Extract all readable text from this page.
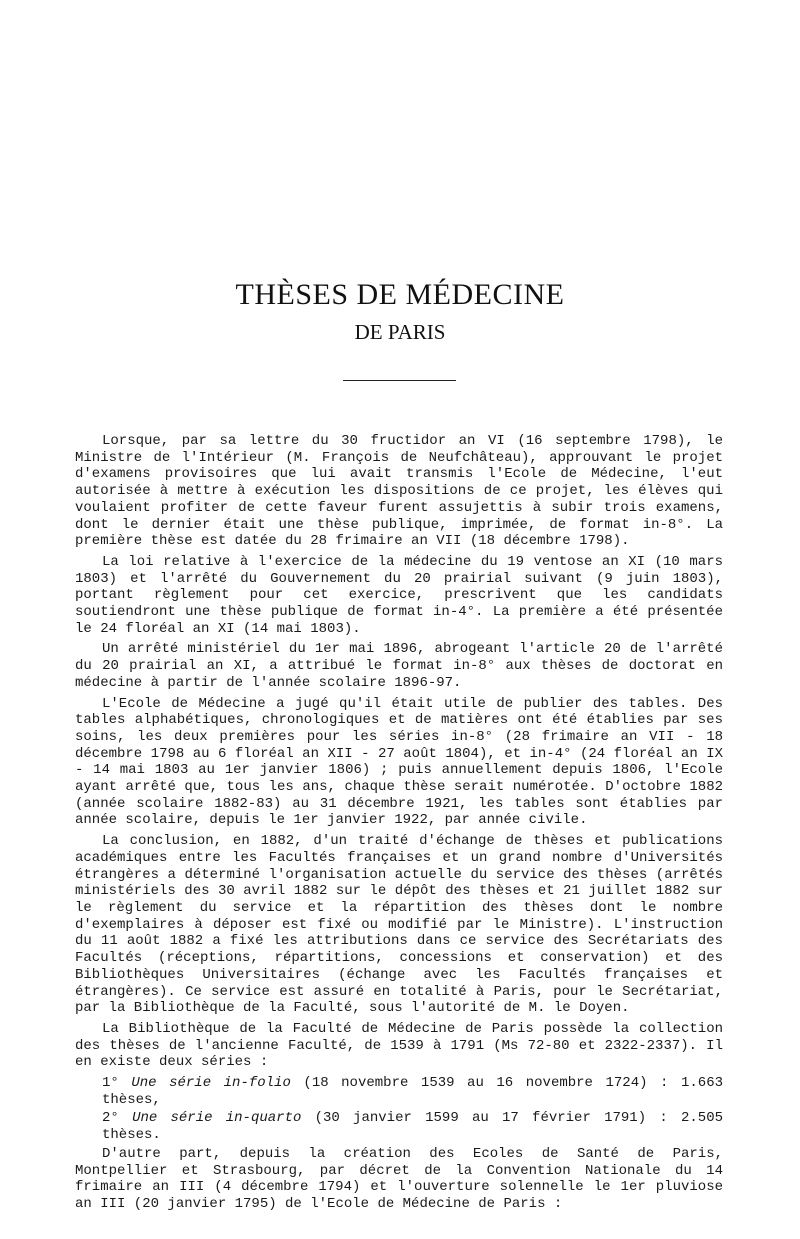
THÈSES DE MÉDECINE
DE PARIS

Lorsque, par sa lettre du 30 fructidor an VI (16 septembre 1798), le Ministre de l'Intérieur (M. François de Neufchâteau), approuvant le projet d'examens provisoires que lui avait transmis l'Ecole de Médecine, l'eut autorisée à mettre à exécution les dispositions de ce projet, les élèves qui voulaient profiter de cette faveur furent assujettis à subir trois examens, dont le dernier était une thèse publique, imprimée, de format in-8°. La première thèse est datée du 28 frimaire an VII (18 décembre 1798).

La loi relative à l'exercice de la médecine du 19 ventose an XI (10 mars 1803) et l'arrêté du Gouvernement du 20 prairial suivant (9 juin 1803), portant règlement pour cet exercice, prescrivent que les candidats soutiendront une thèse publique de format in-4°. La première a été présentée le 24 floréal an XI (14 mai 1803).

Un arrêté ministériel du 1er mai 1896, abrogeant l'article 20 de l'arrêté du 20 prairial an XI, a attribué le format in-8° aux thèses de doctorat en médecine à partir de l'année scolaire 1896-97.

L'Ecole de Médecine a jugé qu'il était utile de publier des tables. Des tables alphabétiques, chronologiques et de matières ont été établies par ses soins, les deux premières pour les séries in-8° (28 frimaire an VII - 18 décembre 1798 au 6 floréal an XII - 27 août 1804), et in-4° (24 floréal an IX - 14 mai 1803 au 1er janvier 1806) ; puis annuellement depuis 1806, l'Ecole ayant arrêté que, tous les ans, chaque thèse serait numérotée. D'octobre 1882 (année scolaire 1882-83) au 31 décembre 1921, les tables sont établies par année scolaire, depuis le 1er janvier 1922, par année civile.

La conclusion, en 1882, d'un traité d'échange de thèses et publications académiques entre les Facultés françaises et un grand nombre d'Universités étrangères a déterminé l'organisation actuelle du service des thèses (arrêtés ministériels des 30 avril 1882 sur le dépôt des thèses et 21 juillet 1882 sur le règlement du service et la répartition des thèses dont le nombre d'exemplaires à déposer est fixé ou modifié par le Ministre). L'instruction du 11 août 1882 a fixé les attributions dans ce service des Secrétariats des Facultés (réceptions, répartitions, concessions et conservation) et des Bibliothèques Universitaires (échange avec les Facultés françaises et étrangères). Ce service est assuré en totalité à Paris, pour le Secrétariat, par la Bibliothèque de la Faculté, sous l'autorité de M. le Doyen.

La Bibliothèque de la Faculté de Médecine de Paris possède la collection des thèses de l'ancienne Faculté, de 1539 à 1791 (Ms 72-80 et 2322-2337). Il en existe deux séries :

1° Une série in-folio (18 novembre 1539 au 16 novembre 1724) : 1.663 thèses,

2° Une série in-quarto (30 janvier 1599 au 17 février 1791) : 2.505 thèses.

D'autre part, depuis la création des Ecoles de Santé de Paris, Montpellier et Strasbourg, par décret de la Convention Nationale du 14 frimaire an III (4 décembre 1794) et l'ouverture solennelle le 1er pluviose an III (20 janvier 1795) de l'Ecole de Médecine de Paris :
